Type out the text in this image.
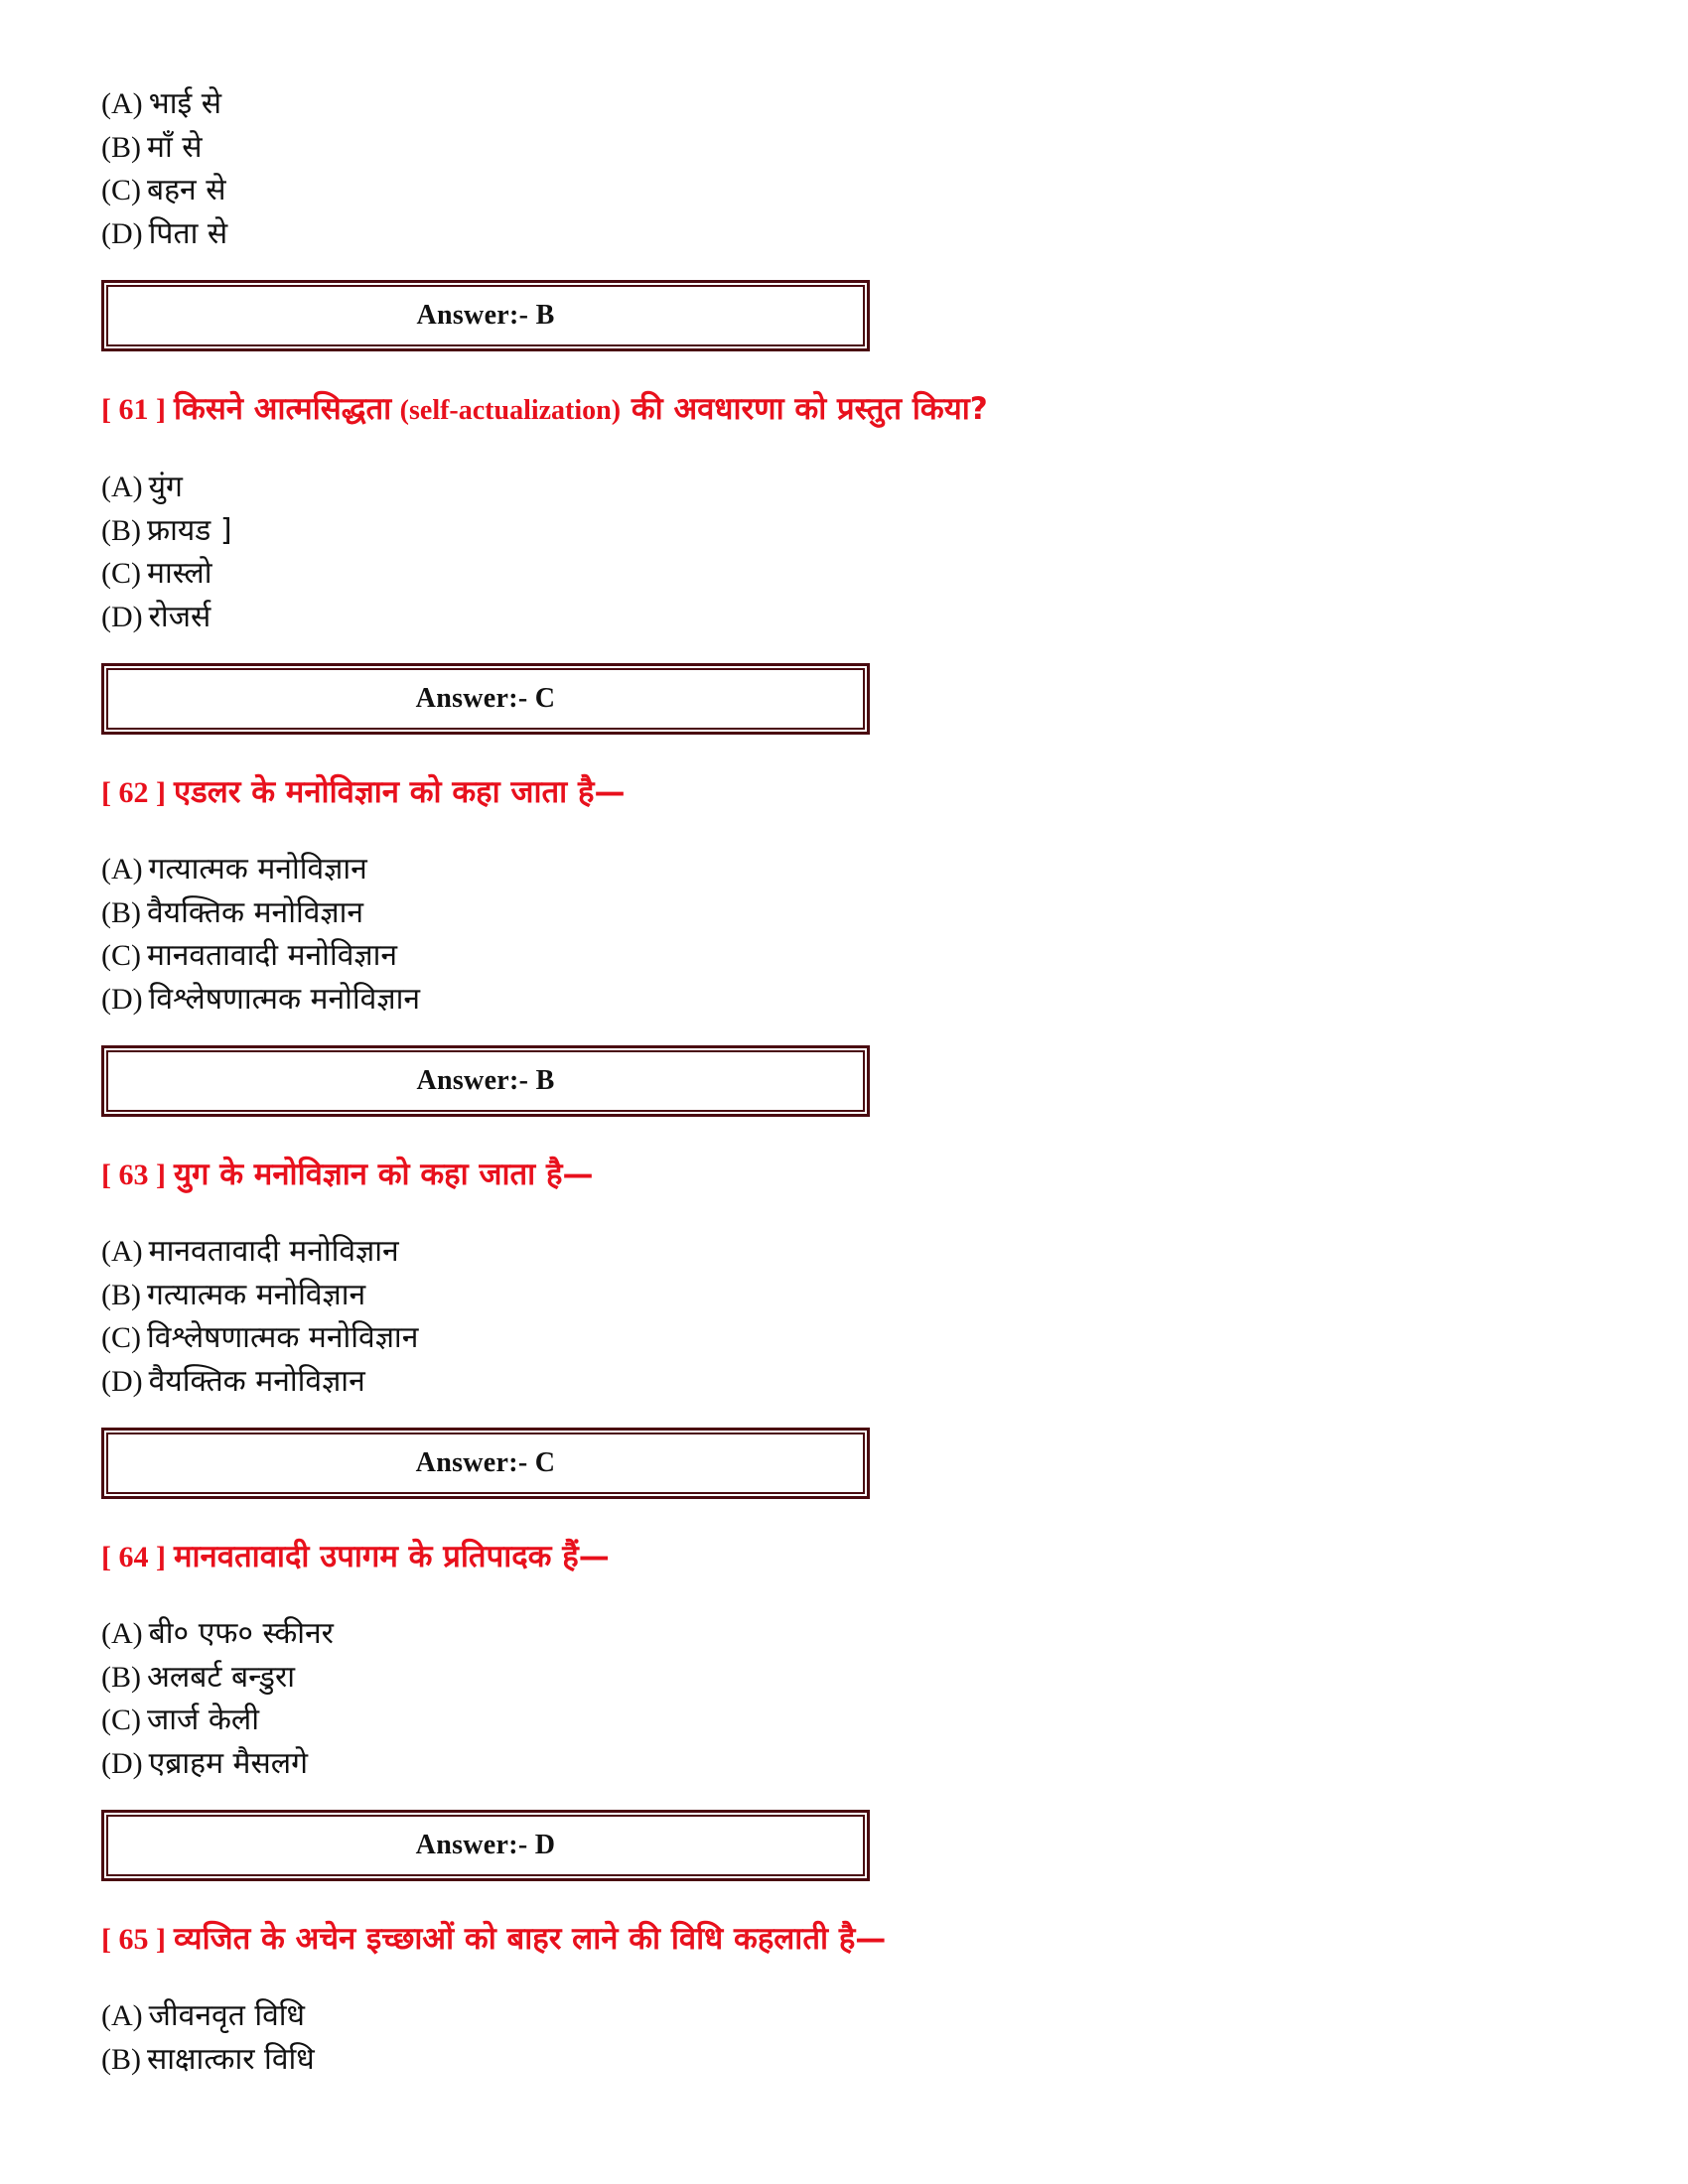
(A) भाई से
(B) माँ से
(C) बहन से
(D) पिता से
Answer:- B

[ 61 ] किसने आत्मसिद्धता (self-actualization) की अवधारणा को प्रस्तुत किया?

(A) युंग
(B) फ्रायड ]
(C) मास्लो
(D) रोजर्स
Answer:- C

[ 62 ] एडलर के मनोविज्ञान को कहा जाता है—

(A) गत्यात्मक मनोविज्ञान
(B) वैयक्तिक मनोविज्ञान
(C) मानवतावादी मनोविज्ञान
(D) विश्लेषणात्मक मनोविज्ञान
Answer:- B

[ 63 ] युग के मनोविज्ञान को कहा जाता है—

(A) मानवतावादी मनोविज्ञान
(B) गत्यात्मक मनोविज्ञान
(C) विश्लेषणात्मक मनोविज्ञान
(D) वैयक्तिक मनोविज्ञान
Answer:- C

[ 64 ] मानवतावादी उपागम के प्रतिपादक हैं—

(A) बी० एफ० स्कीनर
(B) अलबर्ट बन्डुरा
(C) जार्ज केली
(D) एब्राहम मैसलगे
Answer:- D

[ 65 ] व्यजित के अचेन इच्छाओं को बाहर लाने की विधि कहलाती है—

(A) जीवनवृत विधि
(B) साक्षात्कार विधि
